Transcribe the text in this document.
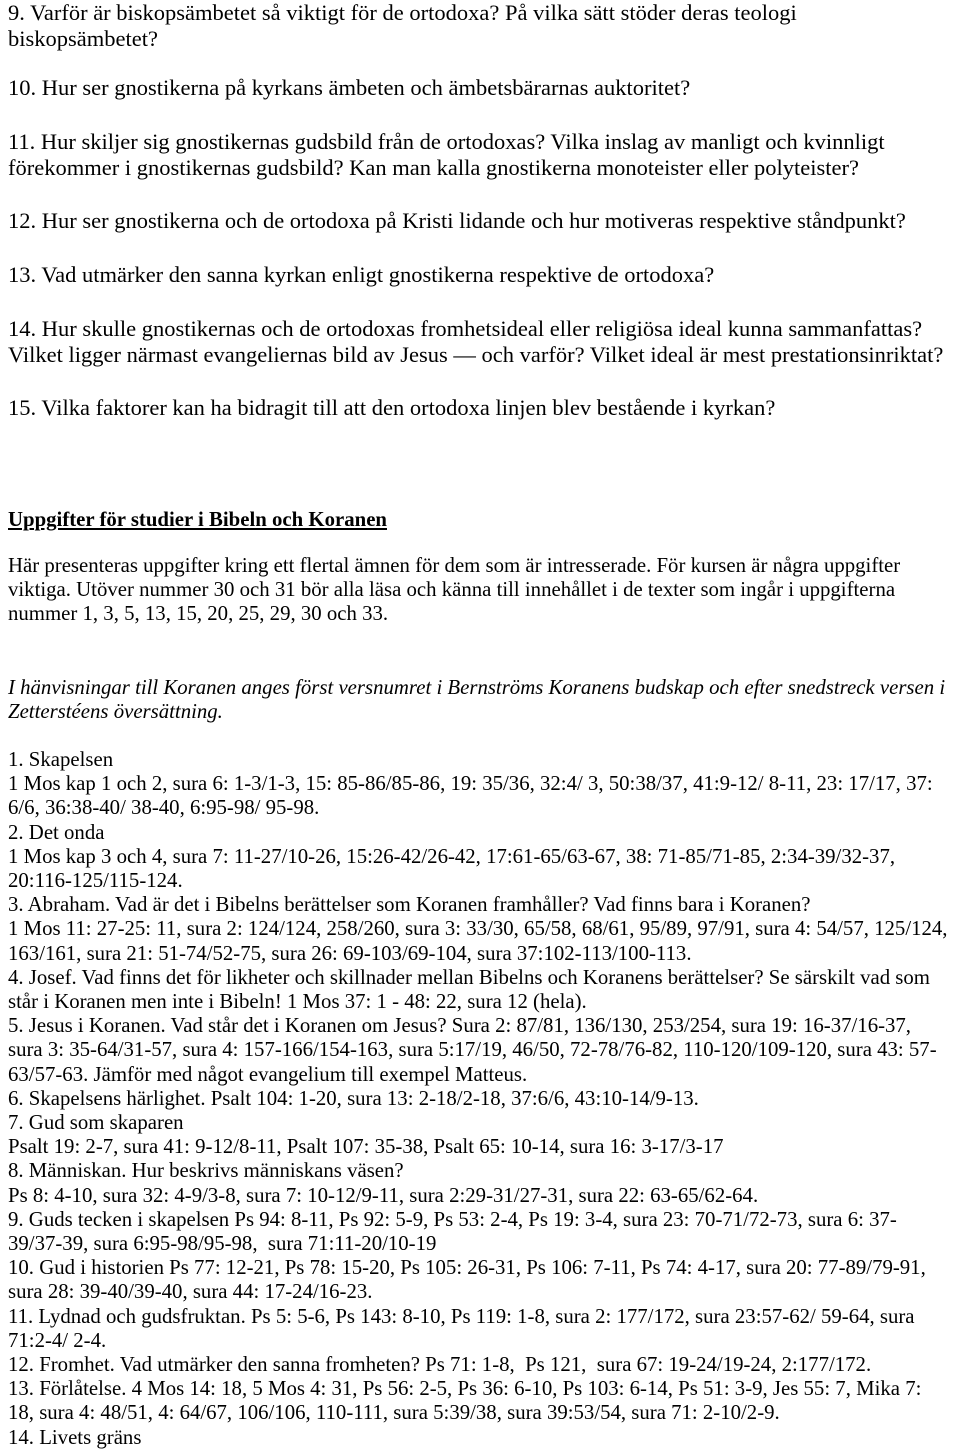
9. Varför är biskopsämbetet så viktigt för de ortodoxa? På vilka sätt stöder deras teologi
biskopsämbetet?
10. Hur ser gnostikerna på kyrkans ämbeten och ämbetsbärarnas auktoritet?
11. Hur skiljer sig gnostikernas gudsbild från de ortodoxas? Vilka inslag av manligt och kvinnligt
förekommer i gnostikernas gudsbild? Kan man kalla gnostikerna monoteister eller polyteister?
12. Hur ser gnostikerna och de ortodoxa på Kristi lidande och hur motiveras respektive ståndpunkt?
13. Vad utmärker den sanna kyrkan enligt gnostikerna respektive de ortodoxa?
14. Hur skulle gnostikernas och de ortodoxas fromhetsideal eller religiösa ideal kunna sammanfattas?
Vilket ligger närmast evangeliernas bild av Jesus — och varför? Vilket ideal är mest prestationsinriktat?
15. Vilka faktorer kan ha bidragit till att den ortodoxa linjen blev bestående i kyrkan?
Uppgifter för studier i Bibeln och Koranen
Här presenteras uppgifter kring ett flertal ämnen för dem som är intresserade. För kursen är några uppgifter
viktiga. Utöver nummer 30 och 31 bör alla läsa och känna till innehållet i de texter som ingår i uppgifterna
nummer 1, 3, 5, 13, 15, 20, 25, 29, 30 och 33.
I hänvisningar till Koranen anges först versnumret i Bernströms Koranens budskap och efter snedstreck versen i
Zetterstéens översättning.
1. Skapelsen
1 Mos kap 1 och 2, sura 6: 1-3/1-3, 15: 85-86/85-86, 19: 35/36, 32:4/ 3, 50:38/37, 41:9-12/ 8-11, 23: 17/17, 37:
6/6, 36:38-40/ 38-40, 6:95-98/ 95-98.
2. Det onda
1 Mos kap 3 och 4, sura 7: 11-27/10-26, 15:26-42/26-42, 17:61-65/63-67, 38: 71-85/71-85, 2:34-39/32-37,
20:116-125/115-124.
3. Abraham. Vad är det i Bibelns berättelser som Koranen framhåller? Vad finns bara i Koranen?
1 Mos 11: 27-25: 11, sura 2: 124/124, 258/260, sura 3: 33/30, 65/58, 68/61, 95/89, 97/91, sura 4: 54/57, 125/124,
163/161, sura 21: 51-74/52-75, sura 26: 69-103/69-104, sura 37:102-113/100-113.
4. Josef. Vad finns det för likheter och skillnader mellan Bibelns och Koranens berättelser? Se särskilt vad som
står i Koranen men inte i Bibeln! 1 Mos 37: 1 - 48: 22, sura 12 (hela).
5. Jesus i Koranen. Vad står det i Koranen om Jesus? Sura 2: 87/81, 136/130, 253/254, sura 19: 16-37/16-37,
sura 3: 35-64/31-57, sura 4: 157-166/154-163, sura 5:17/19, 46/50, 72-78/76-82, 110-120/109-120, sura 43: 57-
63/57-63. Jämför med något evangelium till exempel Matteus.
6. Skapelsens härlighet. Psalt 104: 1-20, sura 13: 2-18/2-18, 37:6/6, 43:10-14/9-13.
7. Gud som skaparen
Psalt 19: 2-7, sura 41: 9-12/8-11, Psalt 107: 35-38, Psalt 65: 10-14, sura 16: 3-17/3-17
8. Människan. Hur beskrivs människans väsen?
Ps 8: 4-10, sura 32: 4-9/3-8, sura 7: 10-12/9-11, sura 2:29-31/27-31, sura 22: 63-65/62-64.
9. Guds tecken i skapelsen Ps 94: 8-11, Ps 92: 5-9, Ps 53: 2-4, Ps 19: 3-4, sura 23: 70-71/72-73, sura 6: 37-
39/37-39, sura 6:95-98/95-98,  sura 71:11-20/10-19
10. Gud i historien Ps 77: 12-21, Ps 78: 15-20, Ps 105: 26-31, Ps 106: 7-11, Ps 74: 4-17, sura 20: 77-89/79-91,
sura 28: 39-40/39-40, sura 44: 17-24/16-23.
11. Lydnad och gudsfruktan. Ps 5: 5-6, Ps 143: 8-10, Ps 119: 1-8, sura 2: 177/172, sura 23:57-62/ 59-64, sura
71:2-4/ 2-4.
12. Fromhet. Vad utmärker den sanna fromheten? Ps 71: 1-8,  Ps 121,  sura 67: 19-24/19-24, 2:177/172.
13. Förlåtelse. 4 Mos 14: 18, 5 Mos 4: 31, Ps 56: 2-5, Ps 36: 6-10, Ps 103: 6-14, Ps 51: 3-9, Jes 55: 7, Mika 7:
18, sura 4: 48/51, 4: 64/67, 106/106, 110-111, sura 5:39/38, sura 39:53/54, sura 71: 2-10/2-9.
14. Livets gräns
